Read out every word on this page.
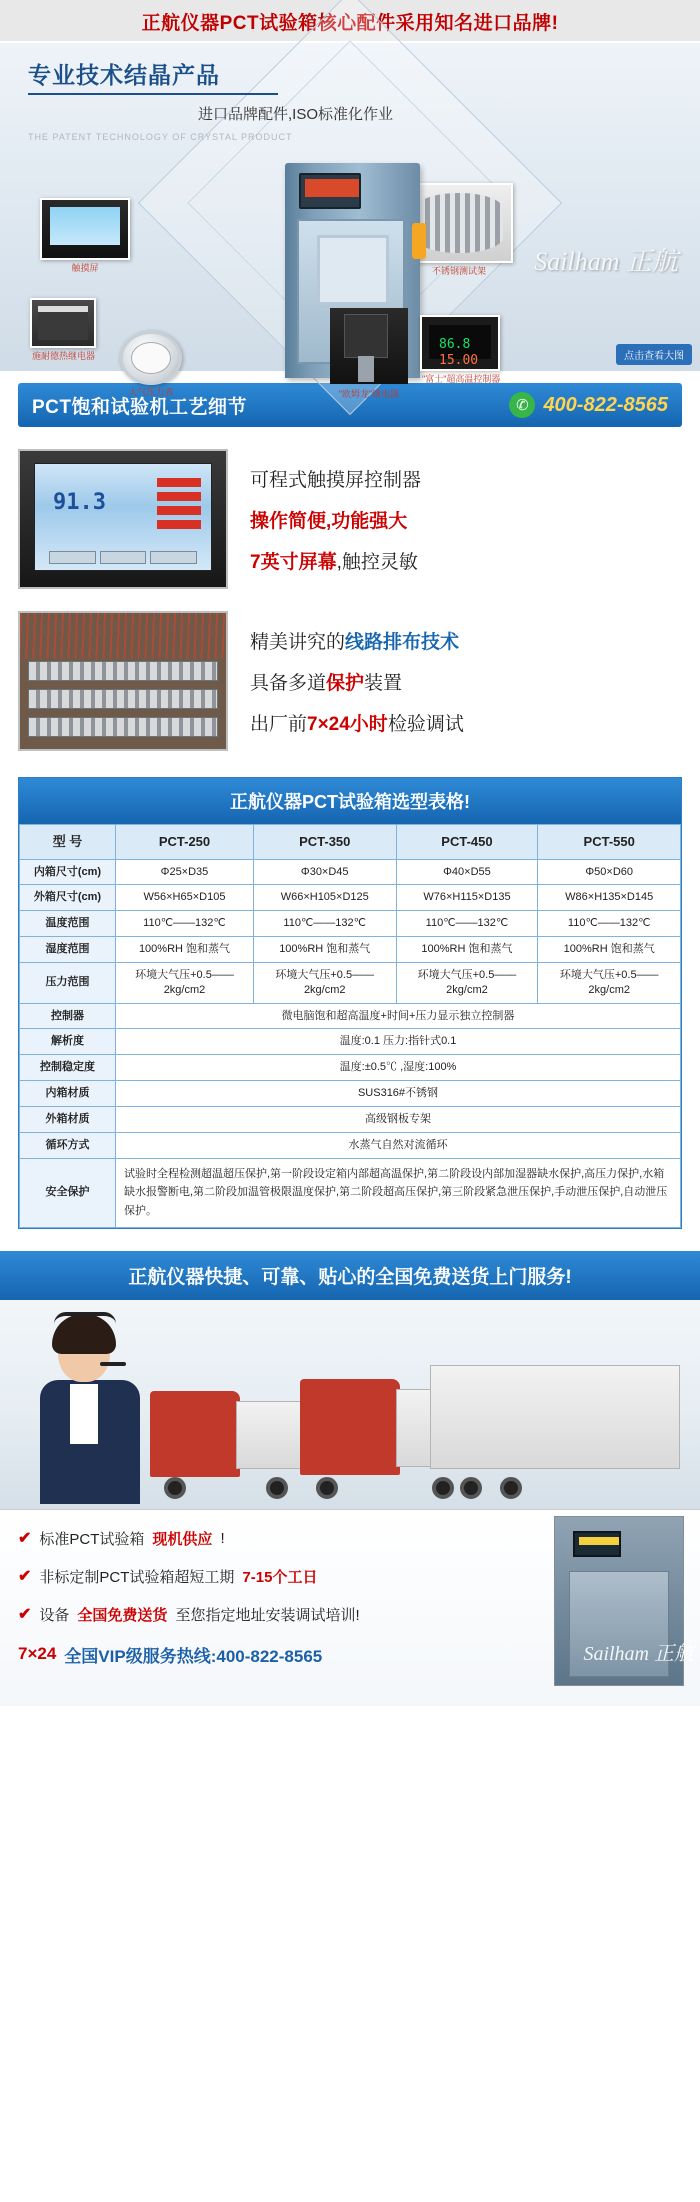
正航仪器PCT试验箱核心配件采用知名进口品牌!
专业技术结晶产品
进口品牌配件,ISO标准化作业
THE PATENT TECHNOLOGY OF CRYSTAL PRODUCT
触摸屏
施耐德热继电器
大气压力表
不锈钢测试架
"欧姆龙"继电器
86.8
15.00
"富士"超高温控制器
Sailham 正航
点击查看大图
PCT饱和试验机工艺细节	✆ 400-822-8565
91.3
可程式触摸屏控制器
操作简便,功能强大
7英寸屏幕,触控灵敏
精美讲究的线路排布技术
具备多道保护装置
出厂前7×24小时检验调试
正航仪器PCT试验箱选型表格!
型 号	PCT-250	PCT-350	PCT-450	PCT-550
内箱尺寸(cm)	Φ25×D35	Φ30×D45	Φ40×D55	Φ50×D60
外箱尺寸(cm)	W56×H65×D105	W66×H105×D125	W76×H115×D135	W86×H135×D145
温度范围	110℃——132℃	110℃——132℃	110℃——132℃	110℃——132℃
湿度范围	100%RH 饱和蒸气	100%RH 饱和蒸气	100%RH 饱和蒸气	100%RH 饱和蒸气
压力范围	环境大气压+0.5——2kg/cm2	环境大气压+0.5——2kg/cm2	环境大气压+0.5——2kg/cm2	环境大气压+0.5——2kg/cm2
控制器	微电脑饱和超高温度+时间+压力显示独立控制器			
解析度	温度:0.1 压力:指针式0.1			
控制稳定度	温度:±0.5℃ ,湿度:100%			
内箱材质	SUS316#不锈钢			
外箱材质	高级钢板专架			
循环方式	水蒸气自然对流循环			
安全保护	试验时全程检测超温超压保护,第一阶段设定箱内部超高温保护,第二阶段设内部加湿器缺水保护,高压力保护,水箱缺水报警断电,第二阶段加温管极限温度保护,第二阶段超高压保护,第三阶段紧急泄压保护,手动泄压保护,自动泄压保护。			
正航仪器快捷、可靠、贴心的全国免费送货上门服务!
Sailham 正航
✔ 标准PCT试验箱 现机供应 !
✔ 非标定制PCT试验箱超短工期 7-15个工日
✔ 设备 全国免费送货 至您指定地址安装调试培训!
7×24 全国VIP级服务热线:400-822-8565
